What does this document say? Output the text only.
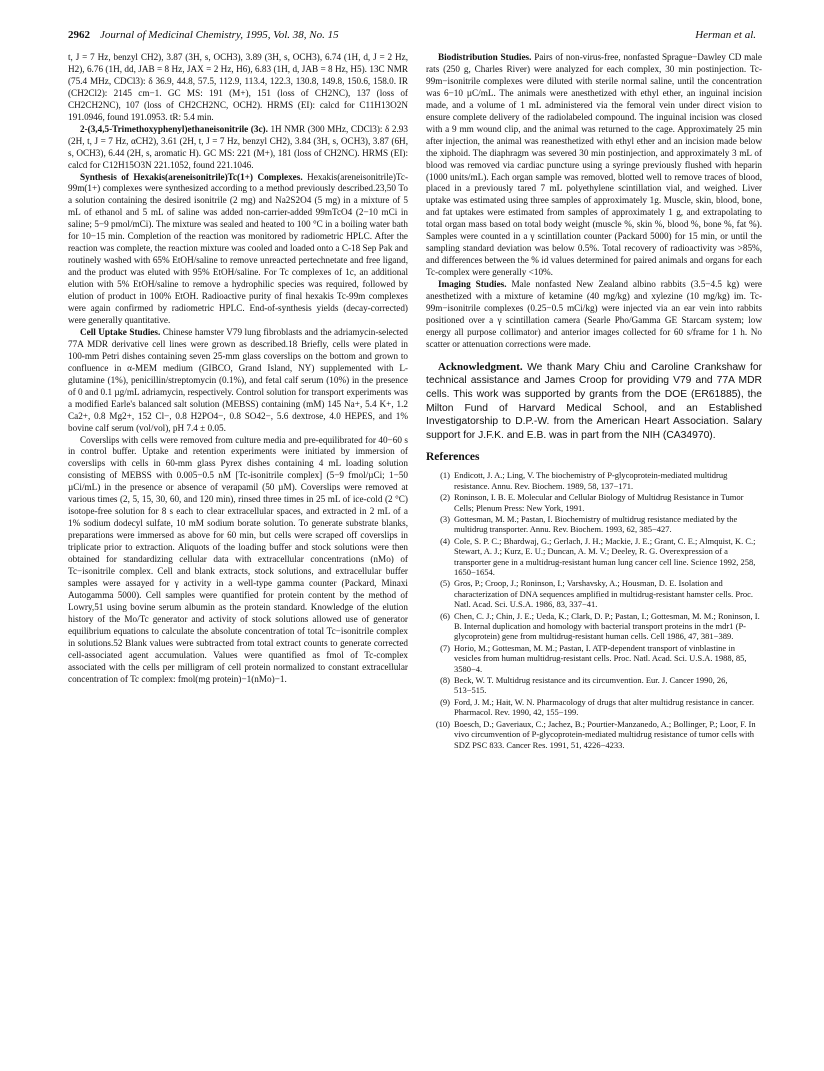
2962 Journal of Medicinal Chemistry, 1995, Vol. 38, No. 15	Herman et al.

t, J = 7 Hz, benzyl CH2), 3.87 (3H, s, OCH3), 3.89 (3H, s, OCH3), 6.74 (1H, d, J = 2 Hz, H2), 6.76 (1H, dd, JAB = 8 Hz, JAX = 2 Hz, H6), 6.83 (1H, d, JAB = 8 Hz, H5). 13C NMR (75.4 MHz, CDCl3): δ 36.9, 44.8, 57.5, 112.9, 113.4, 122.3, 130.8, 149.8, 150.6, 158.0. IR (CH2Cl2): 2145 cm−1. GC MS: 191 (M+), 151 (loss of CH2NC), 137 (loss of CH2CH2NC), 107 (loss of CH2CH2NC, OCH2). HRMS (EI): calcd for C11H13O2N 191.0946, found 191.0953. tR: 5.4 min.

2-(3,4,5-Trimethoxyphenyl)ethaneisonitrile (3c). 1H NMR (300 MHz, CDCl3): δ 2.93 (2H, t, J = 7 Hz, αCH2), 3.61 (2H, t, J = 7 Hz, benzyl CH2), 3.84 (3H, s, OCH3), 3.87 (6H, s, OCH3), 6.44 (2H, s, aromatic H). GC MS: 221 (M+), 181 (loss of CH2NC). HRMS (EI): calcd for C12H15O3N 221.1052, found 221.1046.

Synthesis of Hexakis(areneisonitrile)Tc(1+) Complexes. Hexakis(areneisonitrile)Tc-99m(1+) complexes were synthesized according to a method previously described.23,50 To a solution containing the desired isonitrile (2 mg) and Na2S2O4 (5 mg) in a mixture of 5 mL of ethanol and 5 mL of saline was added non-carrier-added 99mTcO4 (2−10 mCi in saline; 5−9 pmol/mCi). The mixture was sealed and heated to 100 °C in a boiling water bath for 10−15 min. Completion of the reaction was monitored by radiometric HPLC. After the reaction was complete, the reaction mixture was cooled and loaded onto a C-18 Sep Pak and routinely washed with 65% EtOH/saline to remove unreacted pertechnetate and free ligand, and the product was eluted with 95% EtOH/saline. For Tc complexes of 1c, an additional elution with 5% EtOH/saline to remove a hydrophilic species was required, followed by elution of product in 100% EtOH. Radioactive purity of final hexakis Tc-99m complexes were again confirmed by radiometric HPLC. End-of-synthesis yields (decay-corrected) were generally quantitative.

Cell Uptake Studies. Chinese hamster V79 lung fibroblasts and the adriamycin-selected 77A MDR derivative cell lines were grown as described.18 Briefly, cells were plated in 100-mm Petri dishes containing seven 25-mm glass coverslips on the bottom and grown to confluence in α-MEM medium (GIBCO, Grand Island, NY) supplemented with L-glutamine (1%), penicillin/streptomycin (0.1%), and fetal calf serum (10%) in the presence of 0 and 0.1 µg/mL adriamycin, respectively. Control solution for transport experiments was a modified Earle's balanced salt solution (MEBSS) containing (mM) 145 Na+, 5.4 K+, 1.2 Ca2+, 0.8 Mg2+, 152 Cl−, 0.8 H2PO4−, 0.8 SO42−, 5.6 dextrose, 4.0 HEPES, and 1% bovine calf serum (vol/vol), pH 7.4 ± 0.05.

Coverslips with cells were removed from culture media and pre-equilibrated for 40−60 s in control buffer. Uptake and retention experiments were initiated by immersion of coverslips with cells in 60-mm glass Pyrex dishes containing 4 mL loading solution consisting of MEBSS with 0.005−0.5 nM [Tc-isonitrile complex] (5−9 fmol/µCi; 1−50 µCi/mL) in the presence or absence of verapamil (50 µM). Coverslips were removed at various times (2, 5, 15, 30, 60, and 120 min), rinsed three times in 25 mL of ice-cold (2 °C) isotope-free solution for 8 s each to clear extracellular spaces, and extracted in 2 mL of a 1% sodium dodecyl sulfate, 10 mM sodium borate solution. To generate substrate blanks, preparations were immersed as above for 60 min, but cells were scraped off coverslips in triplicate prior to extraction. Aliquots of the loading buffer and stock solutions were then obtained for standardizing cellular data with extracellular concentrations (nMo) of Tc−isonitrile complex. Cell and blank extracts, stock solutions, and extracellular buffer samples were assayed for γ activity in a well-type gamma counter (Packard, Minaxi Autogamma 5000). Cell samples were quantified for protein content by the method of Lowry,51 using bovine serum albumin as the protein standard. Knowledge of the elution history of the Mo/Tc generator and activity of stock solutions allowed use of generator equilibrium equations to calculate the absolute concentration of total Tc−isonitrile complex in solutions.52 Blank values were subtracted from total extract counts to generate corrected cell-associated agent accumulation. Values were quantified as fmol of Tc-complex associated with the cells per milligram of cell protein normalized to constant extracellular concentration of Tc complex: fmol(mg protein)−1(nMo)−1.

Biodistribution Studies. Pairs of non-virus-free, nonfasted Sprague−Dawley CD male rats (250 g, Charles River) were analyzed for each complex, 30 min postinjection. Tc-99m−isonitrile complexes were diluted with sterile normal saline, until the concentration was 6−10 µC/mL. The animals were anesthetized with ethyl ether, an inguinal incision made, and a volume of 1 mL administered via the femoral vein under direct vision to ensure complete delivery of the radiolabeled compound. The inguinal incision was closed with a 9 mm wound clip, and the animal was returned to the cage. Approximately 25 min after injection, the animal was reanesthetized with ethyl ether and an incision made below the xiphoid. The diaphragm was severed 30 min postinjection, and approximately 3 mL of blood was removed via cardiac puncture using a syringe previously flushed with heparin (1000 units/mL). Each organ sample was removed, blotted well to remove traces of blood, placed in a previously tared 7 mL polyethylene scintillation vial, and weighed. Liver uptake was estimated using three samples of approximately 1g. Muscle, skin, blood, bone, and fat uptakes were estimated from samples of approximately 1 g, and extrapolating to total organ mass based on total body weight (muscle %, skin %, blood %, bone %, fat %). Samples were counted in a γ scintillation counter (Packard 5000) for 15 min, or until the sampling standard deviation was below 0.5%. Total recovery of radioactivity was >85%, and differences between the % id values determined for paired animals and organs for each Tc-complex were generally <10%.

Imaging Studies. Male nonfasted New Zealand albino rabbits (3.5−4.5 kg) were anesthetized with a mixture of ketamine (40 mg/kg) and xylezine (10 mg/kg) im. Tc-99m−isonitrile complexes (0.25−0.5 mCi/kg) were injected via an ear vein into rabbits positioned over a γ scintillation camera (Searle Pho/Gamma GE Starcam system; low energy all purpose collimator) and anterior images collected for 60 s/frame for 1 h. No scatter or attenuation corrections were made.

Acknowledgment. We thank Mary Chiu and Caroline Crankshaw for technical assistance and James Croop for providing V79 and 77A MDR cells. This work was supported by grants from the DOE (ER61885), the Milton Fund of Harvard Medical School, and an Established Investigatorship to D.P.-W. from the American Heart Association. Salary support for J.F.K. and E.B. was in part from the NIH (CA34970).

References
(1) Endicott, J. A.; Ling, V. The biochemistry of P-glycoprotein-mediated multidrug resistance. Annu. Rev. Biochem. 1989, 58, 137−171.
(2) Roninson, I. B. E. Molecular and Cellular Biology of Multidrug Resistance in Tumor Cells; Plenum Press: New York, 1991.
(3) Gottesman, M. M.; Pastan, I. Biochemistry of multidrug resistance mediated by the multidrug transporter. Annu. Rev. Biochem. 1993, 62, 385−427.
(4) Cole, S. P. C.; Bhardwaj, G.; Gerlach, J. H.; Mackie, J. E.; Grant, C. E.; Almquist, K. C.; Stewart, A. J.; Kurz, E. U.; Duncan, A. M. V.; Deeley, R. G. Overexpression of a transporter gene in a multidrug-resistant human lung cancer cell line. Science 1992, 258, 1650−1654.
(5) Gros, P.; Croop, J.; Roninson, I.; Varshavsky, A.; Housman, D. E. Isolation and characterization of DNA sequences amplified in multidrug-resistant hamster cells. Proc. Natl. Acad. Sci. U.S.A. 1986, 83, 337−41.
(6) Chen, C. J.; Chin, J. E.; Ueda, K.; Clark, D. P.; Pastan, I.; Gottesman, M. M.; Roninson, I. B. Internal duplication and homology with bacterial transport proteins in the mdr1 (P-glycoprotein) gene from multidrug-resistant human cells. Cell 1986, 47, 381−389.
(7) Horio, M.; Gottesman, M. M.; Pastan, I. ATP-dependent transport of vinblastine in vesicles from human multidrug-resistant cells. Proc. Natl. Acad. Sci. U.S.A. 1988, 85, 3580−4.
(8) Beck, W. T. Multidrug resistance and its circumvention. Eur. J. Cancer 1990, 26, 513−515.
(9) Ford, J. M.; Hait, W. N. Pharmacology of drugs that alter multidrug resistance in cancer. Pharmacol. Rev. 1990, 42, 155−199.
(10) Boesch, D.; Gaveriaux, C.; Jachez, B.; Pourtier-Manzanedo, A.; Bollinger, P.; Loor, F. In vivo circumvention of P-glycoprotein-mediated multidrug resistance of tumor cells with SDZ PSC 833. Cancer Res. 1991, 51, 4226−4233.
